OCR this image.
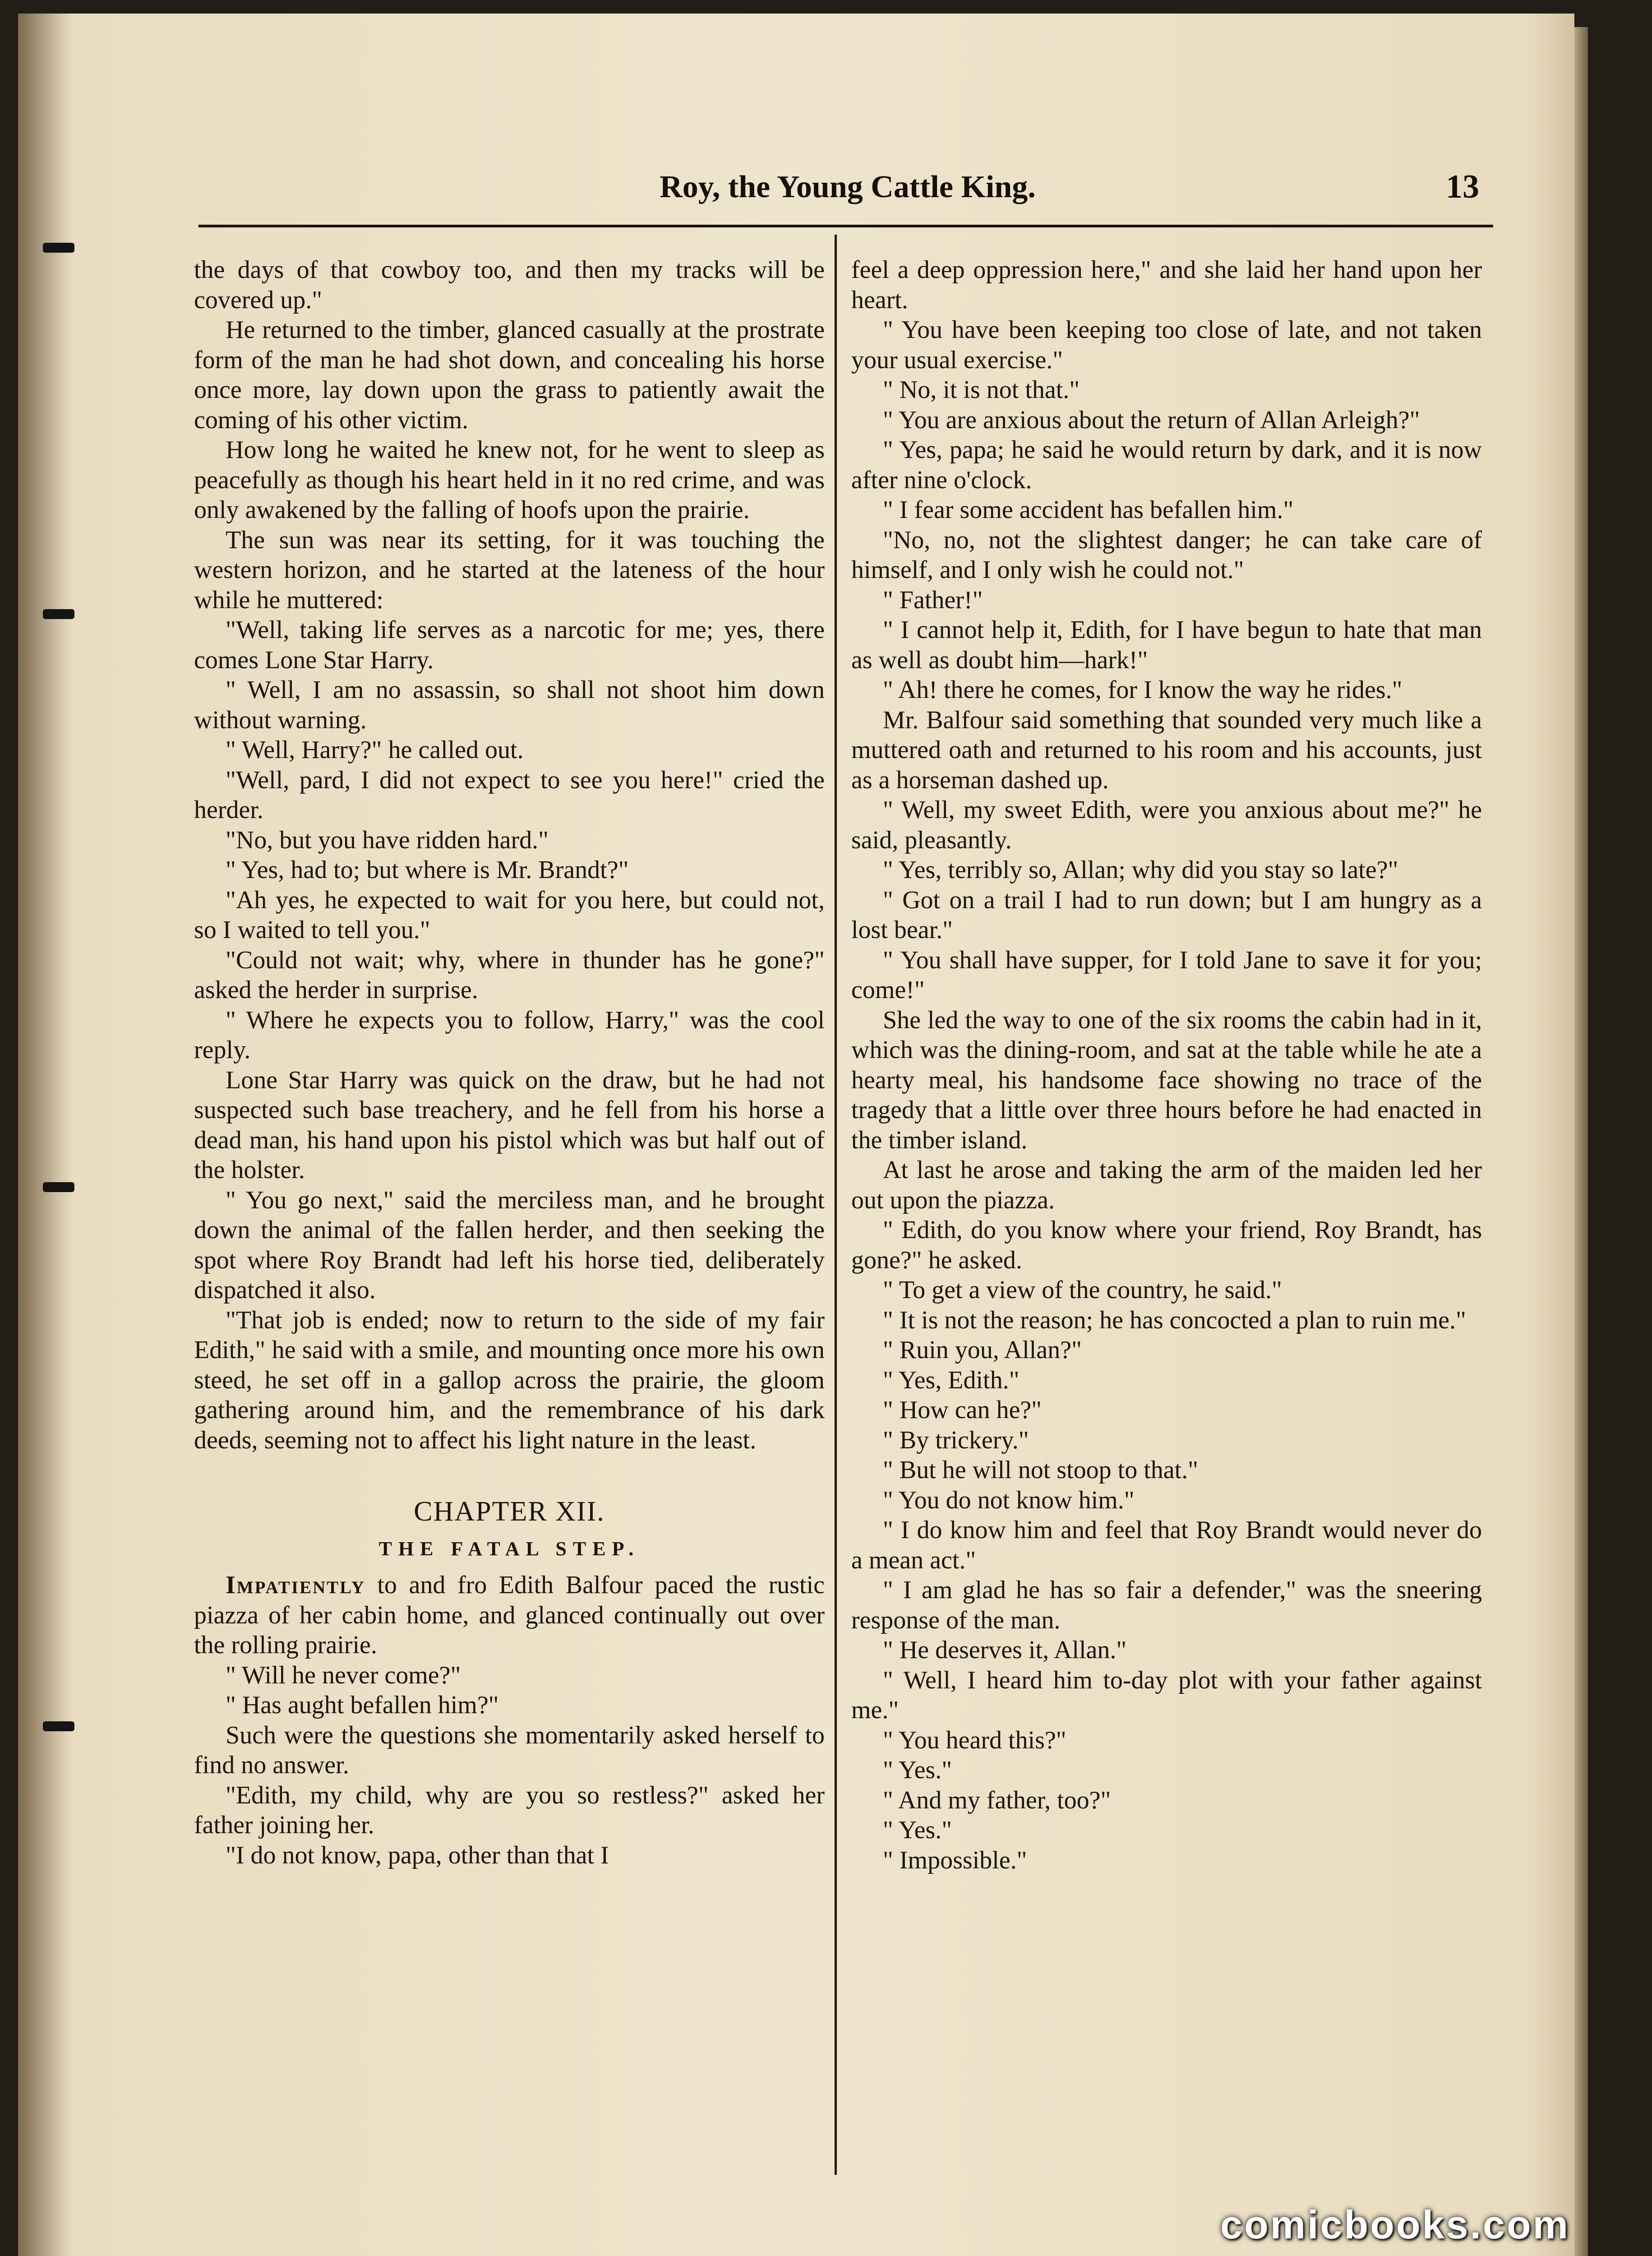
Roy, the Young Cattle King.	13

the days of that cowboy too, and then my tracks will be covered up."

He returned to the timber, glanced casually at the prostrate form of the man he had shot down, and concealing his horse once more, lay down upon the grass to patiently await the coming of his other victim.

How long he waited he knew not, for he went to sleep as peacefully as though his heart held in it no red crime, and was only awakened by the falling of hoofs upon the prairie.

The sun was near its setting, for it was touching the western horizon, and he started at the lateness of the hour while he muttered:

"Well, taking life serves as a narcotic for me; yes, there comes Lone Star Harry.

" Well, I am no assassin, so shall not shoot him down without warning.

" Well, Harry?" he called out.

"Well, pard, I did not expect to see you here!" cried the herder.

"No, but you have ridden hard."

" Yes, had to; but where is Mr. Brandt?"

"Ah yes, he expected to wait for you here, but could not, so I waited to tell you."

"Could not wait; why, where in thunder has he gone?" asked the herder in surprise.

" Where he expects you to follow, Harry," was the cool reply.

Lone Star Harry was quick on the draw, but he had not suspected such base treachery, and he fell from his horse a dead man, his hand upon his pistol which was but half out of the holster.

" You go next," said the merciless man, and he brought down the animal of the fallen herder, and then seeking the spot where Roy Brandt had left his horse tied, deliberately dispatched it also.

"That job is ended; now to return to the side of my fair Edith," he said with a smile, and mounting once more his own steed, he set off in a gallop across the prairie, the gloom gathering around him, and the remembrance of his dark deeds, seeming not to affect his light nature in the least.

CHAPTER XII.
THE FATAL STEP.

Impatiently to and fro Edith Balfour paced the rustic piazza of her cabin home, and glanced continually out over the rolling prairie.

" Will he never come?"

" Has aught befallen him?"

Such were the questions she momentarily asked herself to find no answer.

"Edith, my child, why are you so restless?" asked her father joining her.

"I do not know, papa, other than that I

feel a deep oppression here," and she laid her hand upon her heart.

" You have been keeping too close of late, and not taken your usual exercise."

" No, it is not that."

" You are anxious about the return of Allan Arleigh?"

" Yes, papa; he said he would return by dark, and it is now after nine o'clock.

" I fear some accident has befallen him."

"No, no, not the slightest danger; he can take care of himself, and I only wish he could not."

" Father!"

" I cannot help it, Edith, for I have begun to hate that man as well as doubt him—hark!"

" Ah! there he comes, for I know the way he rides."

Mr. Balfour said something that sounded very much like a muttered oath and returned to his room and his accounts, just as a horseman dashed up.

" Well, my sweet Edith, were you anxious about me?" he said, pleasantly.

" Yes, terribly so, Allan; why did you stay so late?"

" Got on a trail I had to run down; but I am hungry as a lost bear."

" You shall have supper, for I told Jane to save it for you; come!"

She led the way to one of the six rooms the cabin had in it, which was the dining-room, and sat at the table while he ate a hearty meal, his handsome face showing no trace of the tragedy that a little over three hours before he had enacted in the timber island.

At last he arose and taking the arm of the maiden led her out upon the piazza.

" Edith, do you know where your friend, Roy Brandt, has gone?" he asked.

" To get a view of the country, he said."

" It is not the reason; he has concocted a plan to ruin me."

" Ruin you, Allan?"

" Yes, Edith."

" How can he?"

" By trickery."

" But he will not stoop to that."

" You do not know him."

" I do know him and feel that Roy Brandt would never do a mean act."

" I am glad he has so fair a defender," was the sneering response of the man.

" He deserves it, Allan."

" Well, I heard him to-day plot with your father against me."

" You heard this?"

" Yes."

" And my father, too?"

" Yes."

" Impossible."

comicbooks.com
